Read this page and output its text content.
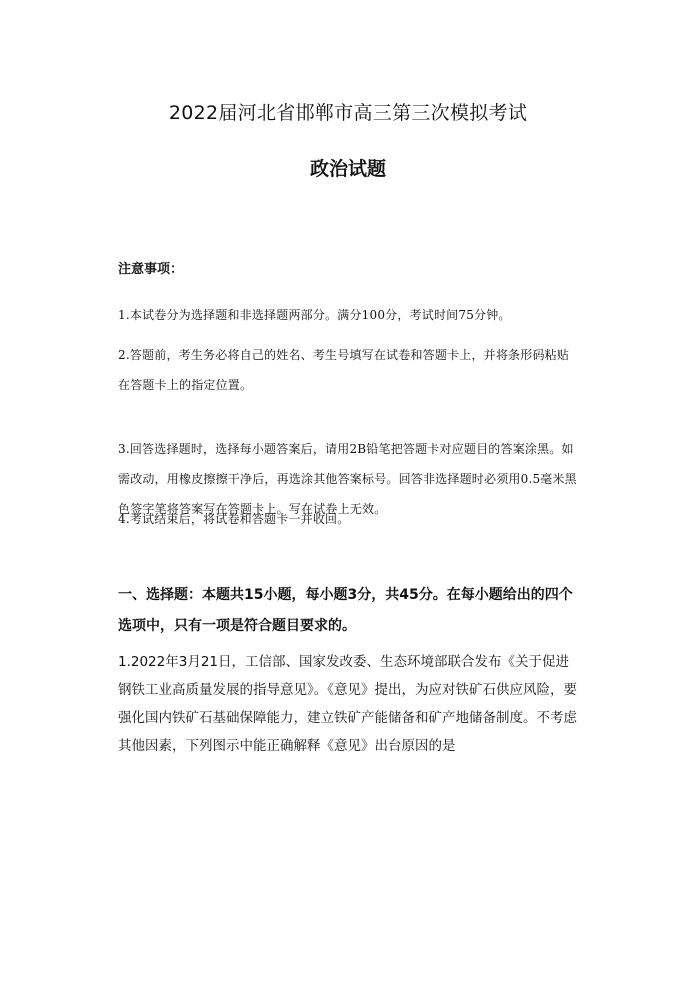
2022届河北省邯郸市高三第三次模拟考试
政治试题
注意事项：
1.本试卷分为选择题和非选择题两部分。满分100分，考试时间75分钟。
2.答题前，考生务必将自己的姓名、考生号填写在试卷和答题卡上，并将条形码粘贴在答题卡上的指定位置。
3.回答选择题时，选择每小题答案后，请用2B铅笔把答题卡对应题目的答案涂黑。如需改动，用橡皮擦擦干净后，再选涂其他答案标号。回答非选择题时必须用0.5毫米黑色签字笔将答案写在答题卡上。写在试卷上无效。
4.考试结束后，将试卷和答题卡一并收回。
一、选择题：本题共15小题，每小题3分，共45分。在每小题给出的四个选项中，只有一项是符合题目要求的。
1.2022年3月21日，工信部、国家发改委、生态环境部联合发布《关于促进钢铁工业高质量发展的指导意见》。《意见》提出，为应对铁矿石供应风险，要强化国内铁矿石基础保障能力，建立铁矿产能储备和矿产地储备制度。不考虑其他因素，下列图示中能正确解释《意见》出台原因的是
